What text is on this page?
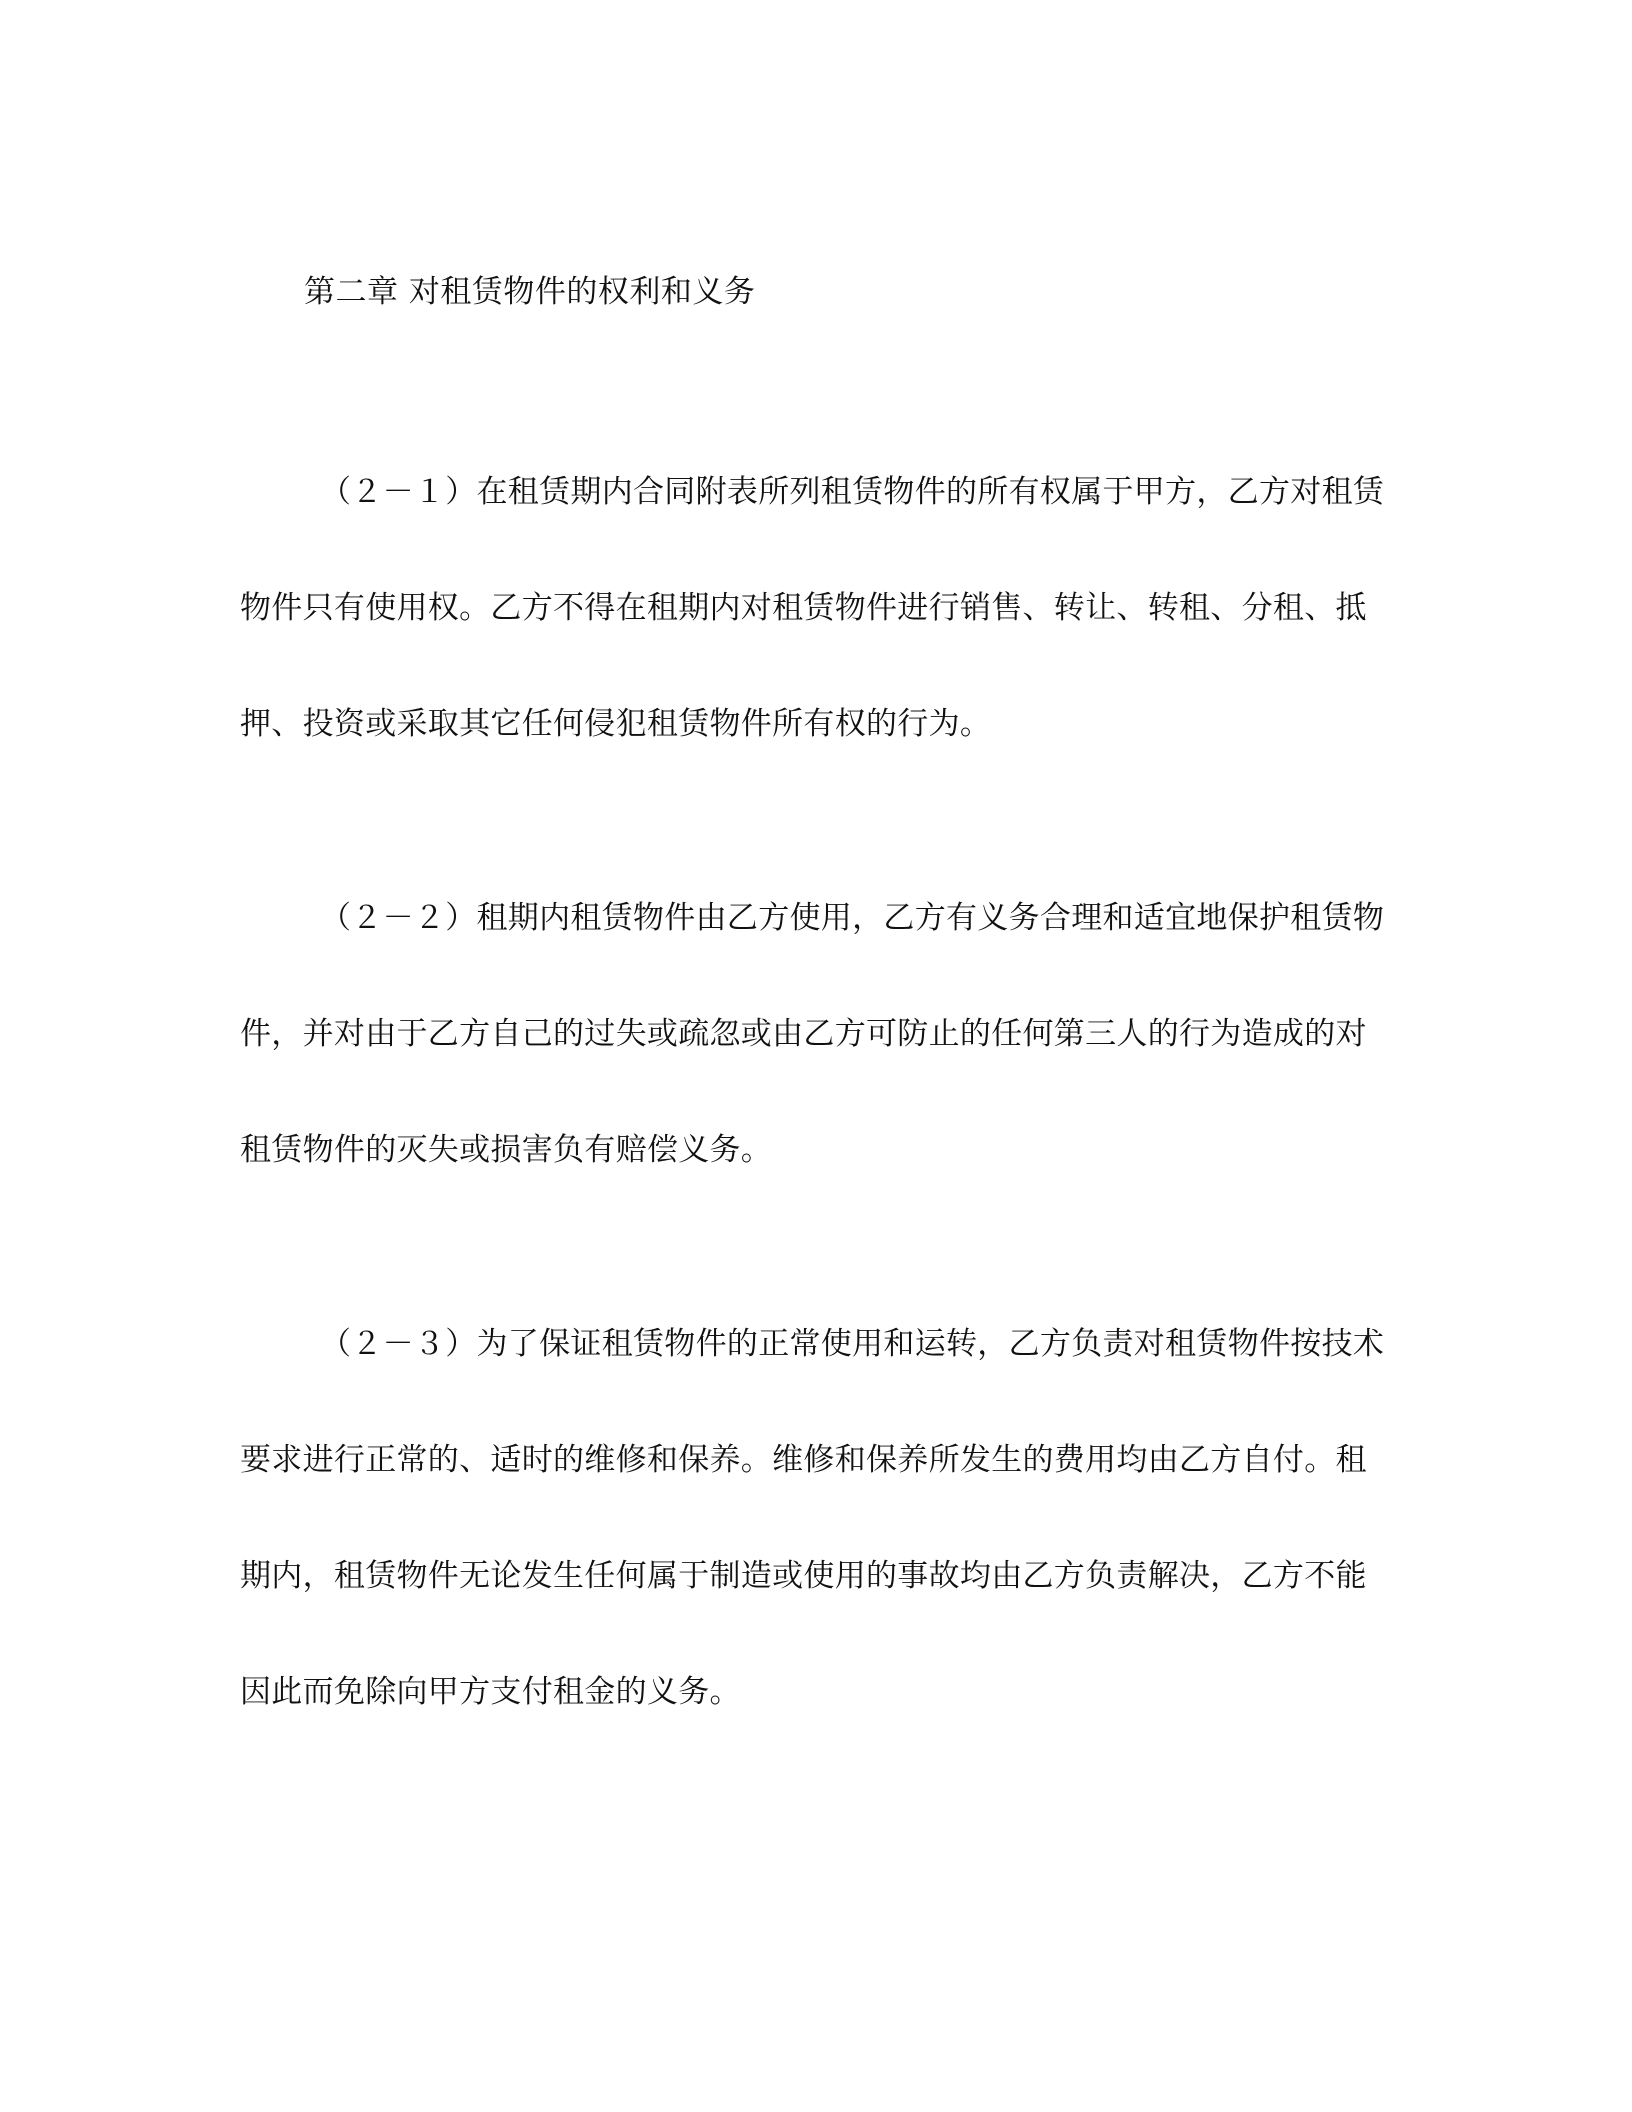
第二章 对租赁物件的权利和义务
（２－１）在租赁期内合同附表所列租赁物件的所有权属于甲方，乙方对租赁
物件只有使用权。乙方不得在租期内对租赁物件进行销售、转让、转租、分租、抵
押、投资或采取其它任何侵犯租赁物件所有权的行为。
（２－２）租期内租赁物件由乙方使用，乙方有义务合理和适宜地保护租赁物
件，并对由于乙方自己的过失或疏忽或由乙方可防止的任何第三人的行为造成的对
租赁物件的灭失或损害负有赔偿义务。
（２－３）为了保证租赁物件的正常使用和运转，乙方负责对租赁物件按技术
要求进行正常的、适时的维修和保养。维修和保养所发生的费用均由乙方自付。租
期内，租赁物件无论发生任何属于制造或使用的事故均由乙方负责解决，乙方不能
因此而免除向甲方支付租金的义务。
